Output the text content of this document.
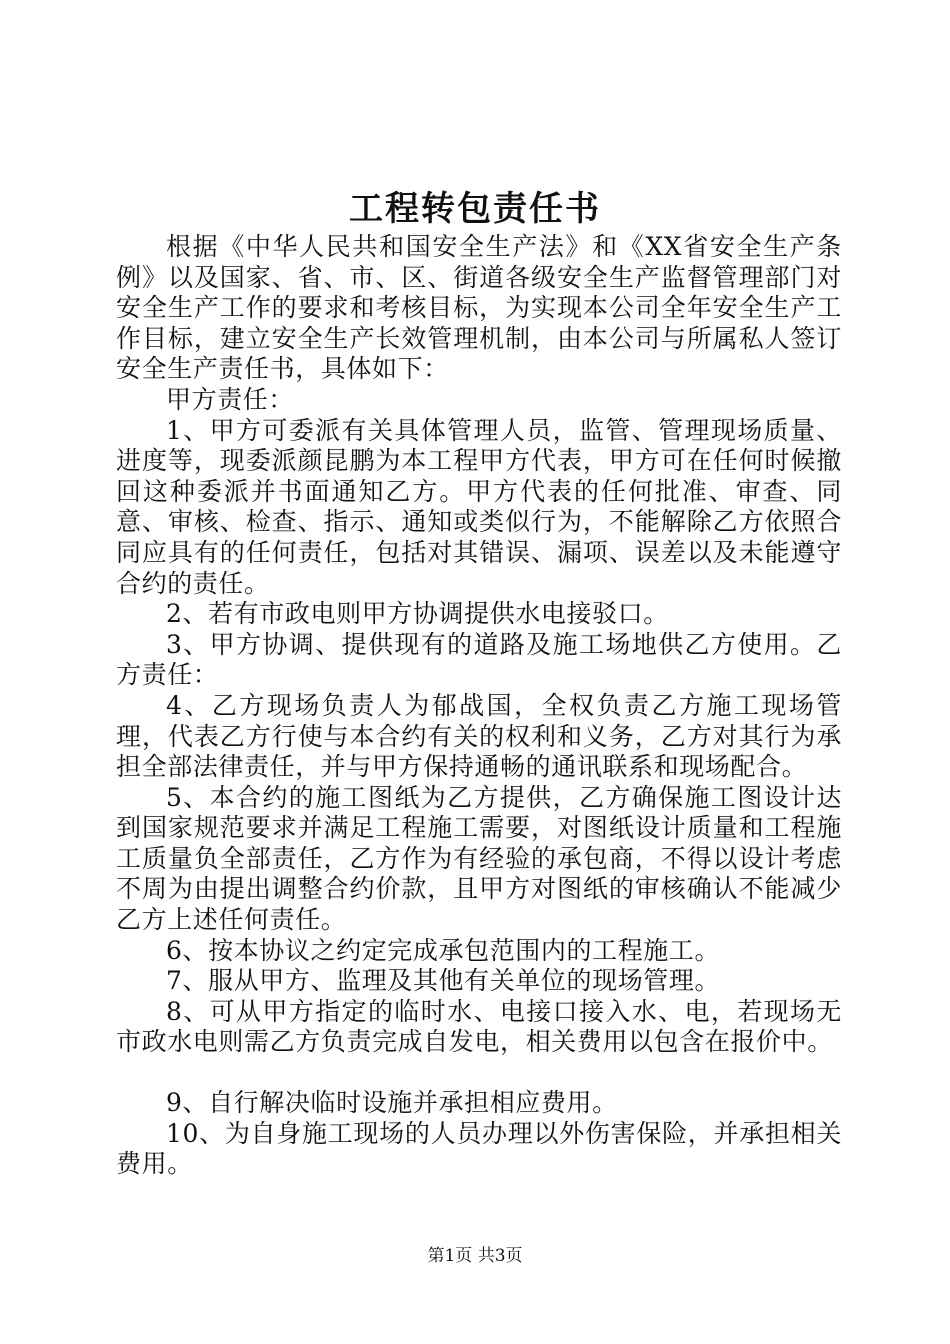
工程转包责任书

根据《中华人民共和国安全生产法》和《XX省安全生产条例》以及国家、省、市、区、街道各级安全生产监督管理部门对安全生产工作的要求和考核目标，为实现本公司全年安全生产工作目标，建立安全生产长效管理机制，由本公司与所属私人签订安全生产责任书，具体如下：

甲方责任：

1、甲方可委派有关具体管理人员，监管、管理现场质量、进度等，现委派颜昆鹏为本工程甲方代表，甲方可在任何时候撤回这种委派并书面通知乙方。甲方代表的任何批准、审查、同意、审核、检查、指示、通知或类似行为，不能解除乙方依照合同应具有的任何责任，包括对其错误、漏项、误差以及未能遵守合约的责任。

2、若有市政电则甲方协调提供水电接驳口。

3、甲方协调、提供现有的道路及施工场地供乙方使用。乙方责任：

4、乙方现场负责人为郁战国，全权负责乙方施工现场管理，代表乙方行使与本合约有关的权利和义务，乙方对其行为承担全部法律责任，并与甲方保持通畅的通讯联系和现场配合。

5、本合约的施工图纸为乙方提供，乙方确保施工图设计达到国家规范要求并满足工程施工需要，对图纸设计质量和工程施工质量负全部责任，乙方作为有经验的承包商，不得以设计考虑不周为由提出调整合约价款，且甲方对图纸的审核确认不能减少乙方上述任何责任。

6、按本协议之约定完成承包范围内的工程施工。

7、服从甲方、监理及其他有关单位的现场管理。

8、可从甲方指定的临时水、电接口接入水、电，若现场无市政水电则需乙方负责完成自发电，相关费用以包含在报价中。

9、自行解决临时设施并承担相应费用。

10、为自身施工现场的人员办理以外伤害保险，并承担相关费用。

第1页 共3页
